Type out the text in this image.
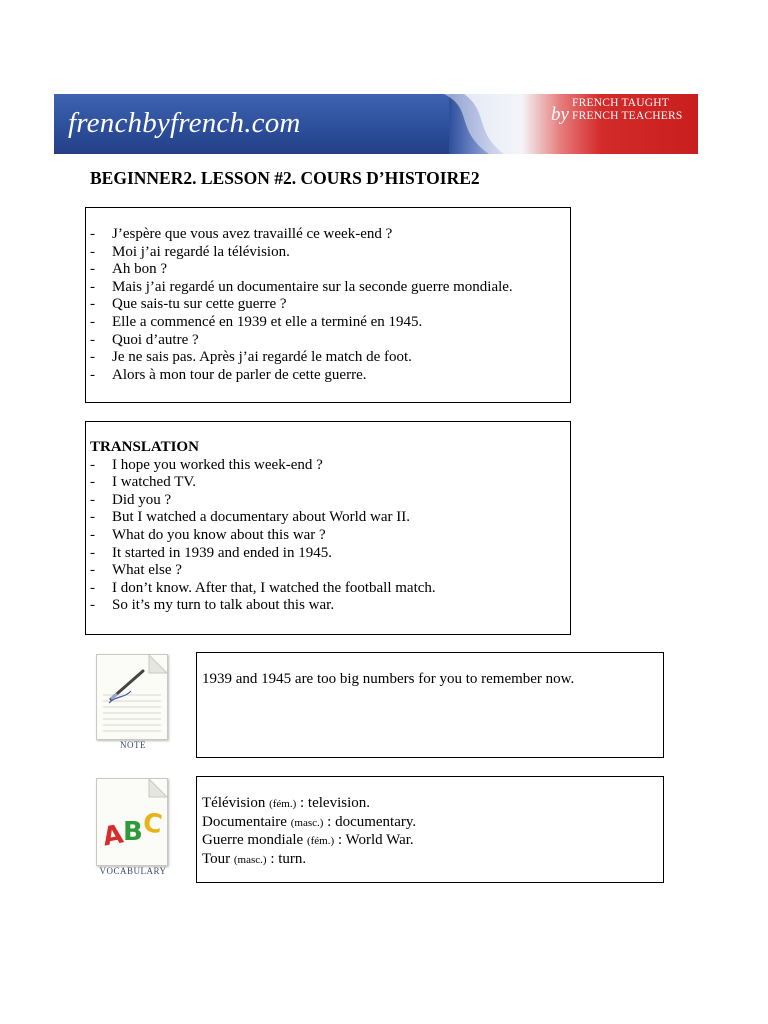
frenchbyfrench.com	by
FRENCH TAUGHT
FRENCH TEACHERS
BEGINNER2. LESSON #2. COURS D’HISTOIRE2
- J’espère que vous avez travaillé ce week-end ?
- Moi j’ai regardé la télévision.
- Ah bon ?
- Mais j’ai regardé un documentaire sur la seconde guerre mondiale.
- Que sais-tu sur cette guerre ?
- Elle a commencé en 1939 et elle a terminé en 1945.
- Quoi d’autre ?
- Je ne sais pas. Après j’ai regardé le match de foot.
- Alors à mon tour de parler de cette guerre.
TRANSLATION
- I hope you worked this week-end ?
- I watched TV.
- Did you ?
- But I watched a documentary about World war II.
- What do you know about this war ?
- It started in 1939 and ended in 1945.
- What else ?
- I don’t know. After that, I watched the football match.
- So it’s my turn to talk about this war.
NOTE
1939 and 1945 are too big numbers for you to remember now.
A
B
C
VOCABULARY
Télévision (fém.) : television.
Documentaire (masc.) : documentary.
Guerre mondiale (fém.) : World War.
Tour (masc.) : turn.
